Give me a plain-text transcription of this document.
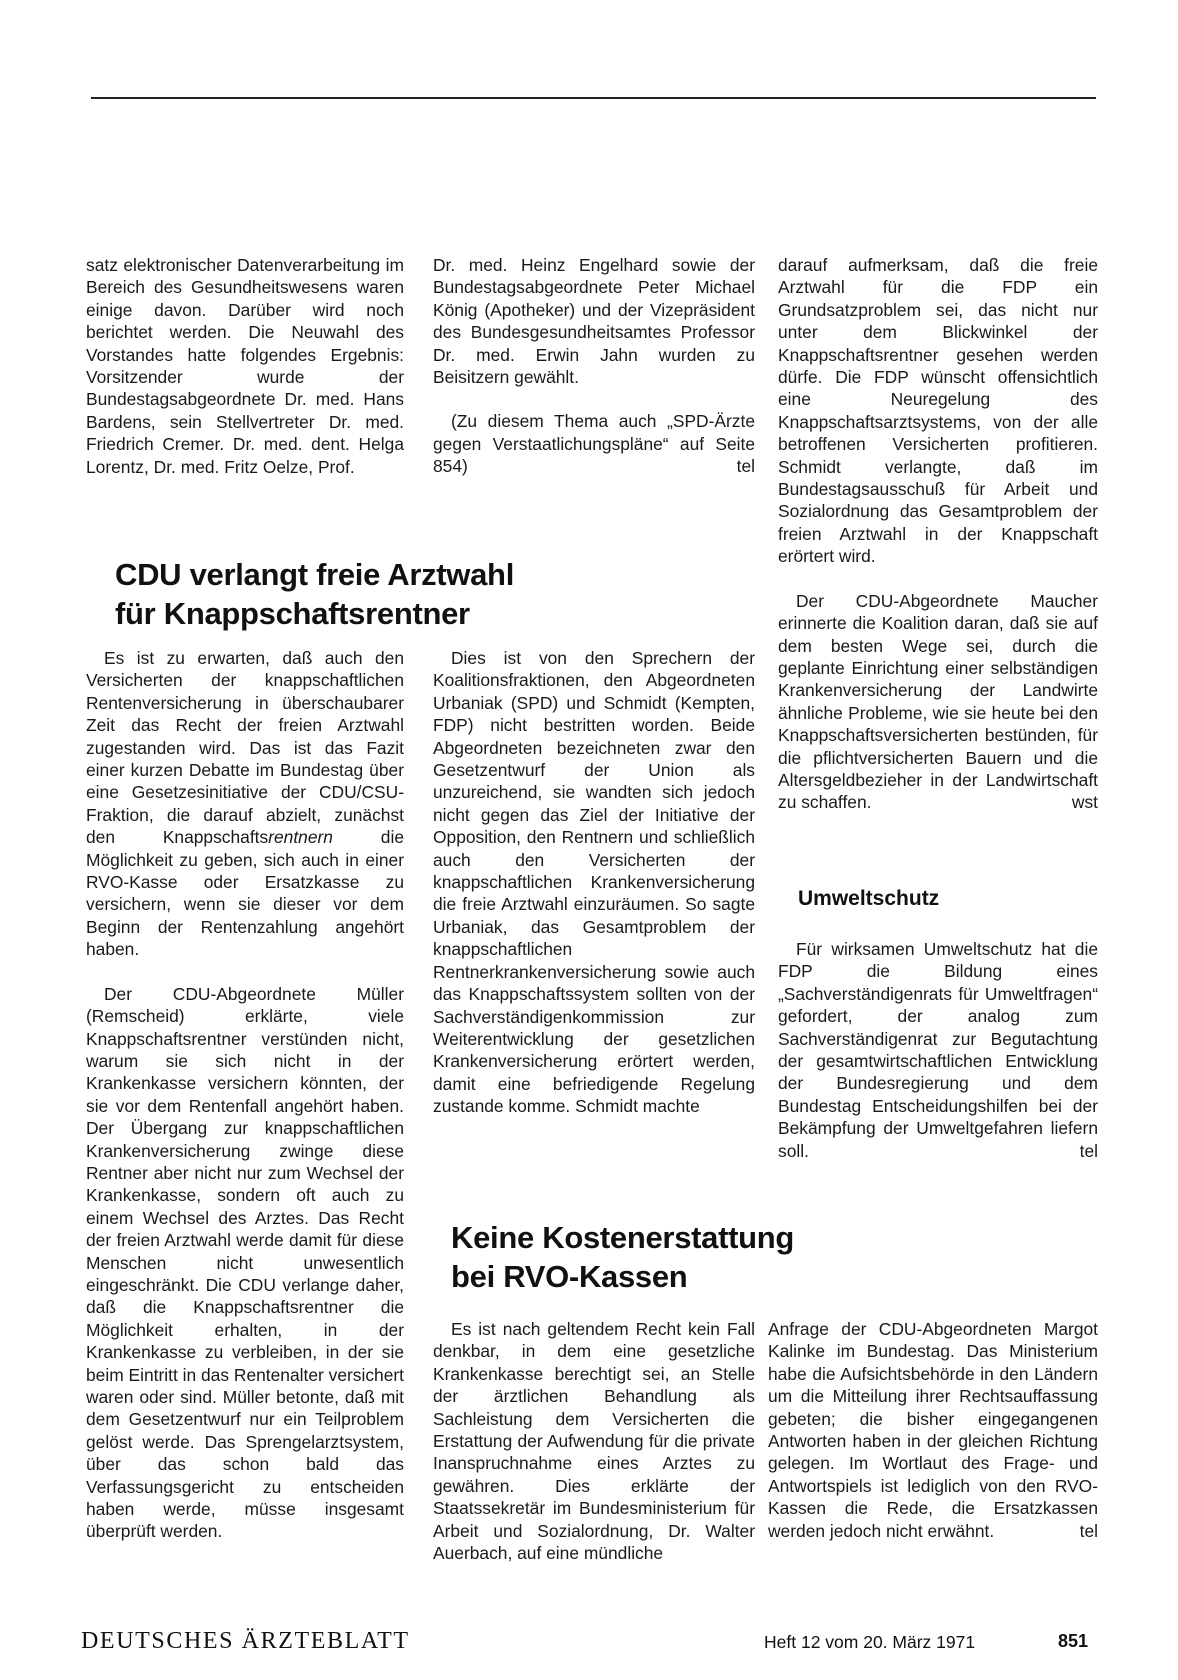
satz elektronischer Datenverarbeitung im Bereich des Gesundheitswesens waren einige davon. Darüber wird noch berichtet werden. Die Neuwahl des Vorstandes hatte folgendes Ergebnis: Vorsitzender wurde der Bundestagsabgeordnete Dr. med. Hans Bardens, sein Stellvertreter Dr. med. Friedrich Cremer. Dr. med. dent. Helga Lorentz, Dr. med. Fritz Oelze, Prof.

Dr. med. Heinz Engelhard sowie der Bundestagsabgeordnete Peter Michael König (Apotheker) und der Vizepräsident des Bundesgesundheitsamtes Professor Dr. med. Erwin Jahn wurden zu Beisitzern gewählt.

(Zu diesem Thema auch „SPD-Ärzte gegen Verstaatlichungspläne“ auf Seite 854)	tel

CDU verlangt freie Arztwahl
für Knappschaftsrentner

Es ist zu erwarten, daß auch den Versicherten der knappschaftlichen Rentenversicherung in überschaubarer Zeit das Recht der freien Arztwahl zugestanden wird. Das ist das Fazit einer kurzen Debatte im Bundestag über eine Gesetzesinitiative der CDU/CSU-Fraktion, die darauf abzielt, zunächst den Knappschaftsrentnern die Möglichkeit zu geben, sich auch in einer RVO-Kasse oder Ersatzkasse zu versichern, wenn sie dieser vor dem Beginn der Rentenzahlung angehört haben.

Der CDU-Abgeordnete Müller (Remscheid) erklärte, viele Knappschaftsrentner verstünden nicht, warum sie sich nicht in der Krankenkasse versichern könnten, der sie vor dem Rentenfall angehört haben. Der Übergang zur knappschaftlichen Krankenversicherung zwinge diese Rentner aber nicht nur zum Wechsel der Krankenkasse, sondern oft auch zu einem Wechsel des Arztes. Das Recht der freien Arztwahl werde damit für diese Menschen nicht unwesentlich eingeschränkt. Die CDU verlange daher, daß die Knappschaftsrentner die Möglichkeit erhalten, in der Krankenkasse zu verbleiben, in der sie beim Eintritt in das Rentenalter versichert waren oder sind. Müller betonte, daß mit dem Gesetzentwurf nur ein Teilproblem gelöst werde. Das Sprengelarztsystem, über das schon bald das Verfassungsgericht zu entscheiden haben werde, müsse insgesamt überprüft werden.

Dies ist von den Sprechern der Koalitionsfraktionen, den Abgeordneten Urbaniak (SPD) und Schmidt (Kempten, FDP) nicht bestritten worden. Beide Abgeordneten bezeichneten zwar den Gesetzentwurf der Union als unzureichend, sie wandten sich jedoch nicht gegen das Ziel der Initiative der Opposition, den Rentnern und schließlich auch den Versicherten der knappschaftlichen Krankenversicherung die freie Arztwahl einzuräumen. So sagte Urbaniak, das Gesamtproblem der knappschaftlichen Rentnerkrankenversicherung sowie auch das Knappschaftssystem sollten von der Sachverständigenkommission zur Weiterentwicklung der gesetzlichen Krankenversicherung erörtert werden, damit eine befriedigende Regelung zustande komme. Schmidt machte

darauf aufmerksam, daß die freie Arztwahl für die FDP ein Grundsatzproblem sei, das nicht nur unter dem Blickwinkel der Knappschaftsrentner gesehen werden dürfe. Die FDP wünscht offensichtlich eine Neuregelung des Knappschaftsarztsystems, von der alle betroffenen Versicherten profitieren. Schmidt verlangte, daß im Bundestagsausschuß für Arbeit und Sozialordnung das Gesamtproblem der freien Arztwahl in der Knappschaft erörtert wird.

Der CDU-Abgeordnete Maucher erinnerte die Koalition daran, daß sie auf dem besten Wege sei, durch die geplante Einrichtung einer selbständigen Krankenversicherung der Landwirte ähnliche Probleme, wie sie heute bei den Knappschaftsversicherten bestünden, für die pflichtversicherten Bauern und die Altersgeldbezieher in der Landwirtschaft zu schaffen.	wst

Umweltschutz

Für wirksamen Umweltschutz hat die FDP die Bildung eines „Sachverständigenrats für Umweltfragen“ gefordert, der analog zum Sachverständigenrat zur Begutachtung der gesamtwirtschaftlichen Entwicklung der Bundesregierung und dem Bundestag Entscheidungshilfen bei der Bekämpfung der Umweltgefahren liefern soll.	tel

Keine Kostenerstattung
bei RVO-Kassen

Es ist nach geltendem Recht kein Fall denkbar, in dem eine gesetzliche Krankenkasse berechtigt sei, an Stelle der ärztlichen Behandlung als Sachleistung dem Versicherten die Erstattung der Aufwendung für die private Inanspruchnahme eines Arztes zu gewähren. Dies erklärte der Staatssekretär im Bundesministerium für Arbeit und Sozialordnung, Dr. Walter Auerbach, auf eine mündliche

Anfrage der CDU-Abgeordneten Margot Kalinke im Bundestag. Das Ministerium habe die Aufsichtsbehörde in den Ländern um die Mitteilung ihrer Rechtsauffassung gebeten; die bisher eingegangenen Antworten haben in der gleichen Richtung gelegen. Im Wortlaut des Frage- und Antwortspiels ist lediglich von den RVO-Kassen die Rede, die Ersatzkassen werden jedoch nicht erwähnt.	tel

DEUTSCHES ÄRZTEBLATT	Heft 12 vom 20. März 1971	851
